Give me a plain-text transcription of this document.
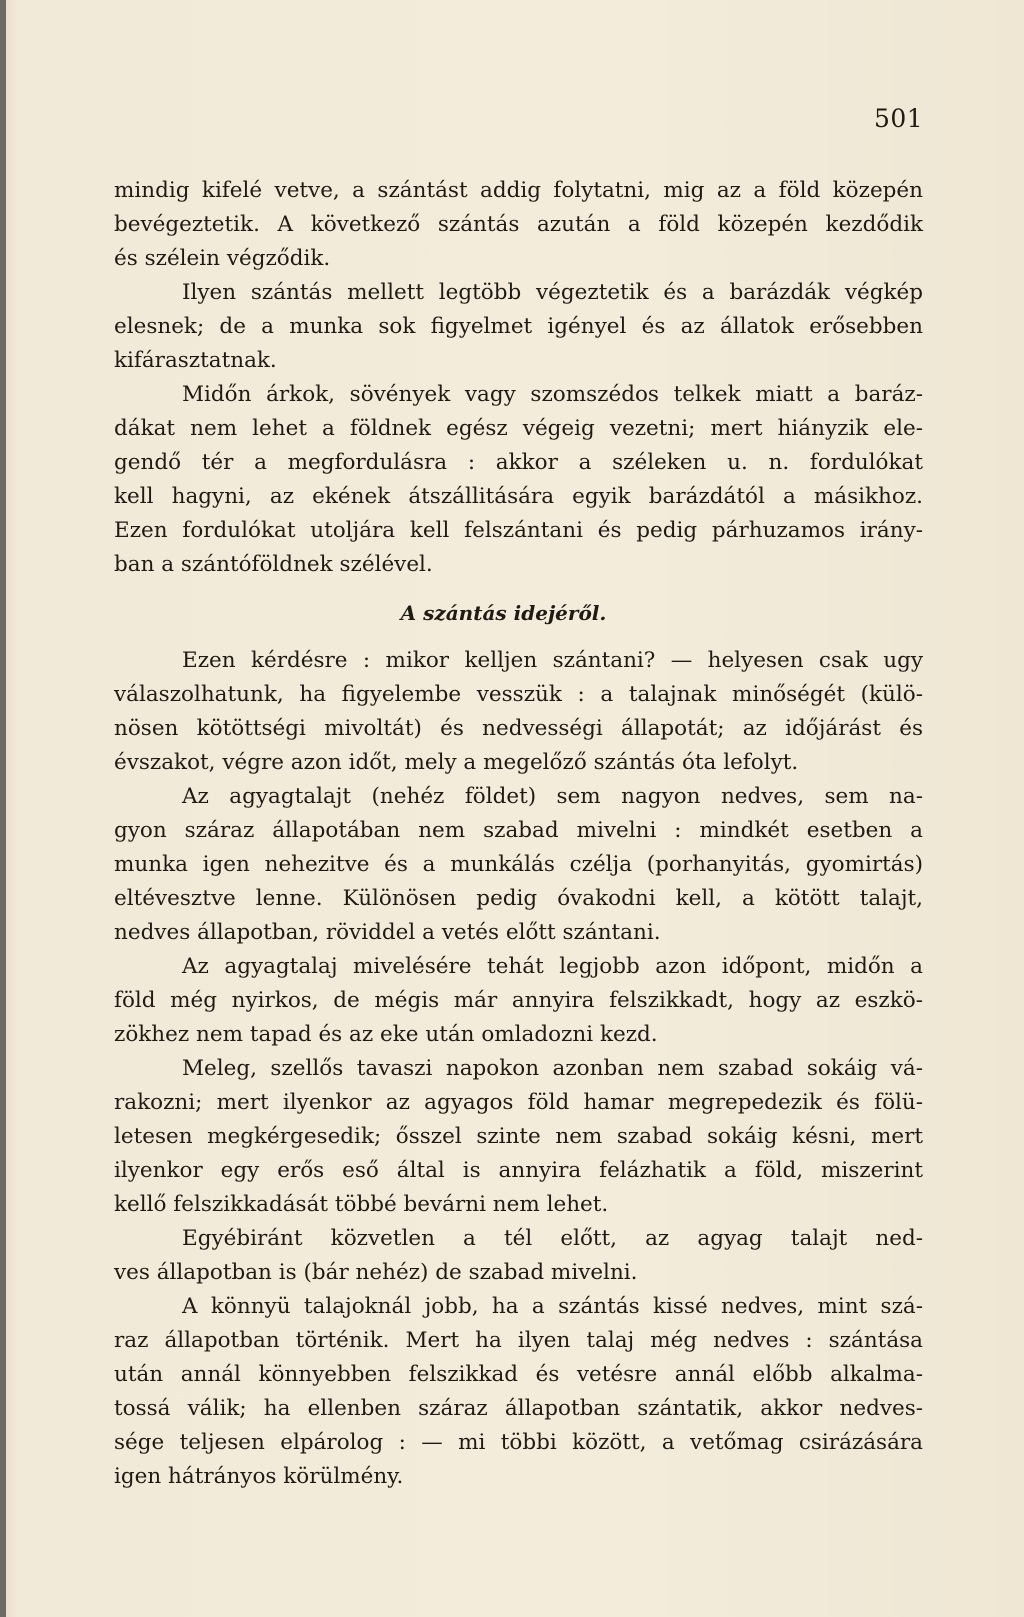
501
mindig kifelé vetve, a szántást addig folytatni, mig az a föld közepén
bevégeztetik. A következő szántás azután a föld közepén kezdődik
és szélein végződik.
Ilyen szántás mellett legtöbb végeztetik és a barázdák végkép
elesnek; de a munka sok figyelmet igényel és az állatok erősebben
kifárasztatnak.
Midőn árkok, sövények vagy szomszédos telkek miatt a baráz-
dákat nem lehet a földnek egész végeig vezetni; mert hiányzik ele-
gendő tér a megfordulásra : akkor a széleken u. n. fordulókat
kell hagyni, az ekének átszállitására egyik barázdától a másikhoz.
Ezen fordulókat utoljára kell felszántani és pedig párhuzamos irány-
ban a szántóföldnek szélével.
A szántás idejéről.
Ezen kérdésre : mikor kelljen szántani? — helyesen csak ugy
válaszolhatunk, ha figyelembe vesszük : a talajnak minőségét (külö-
nösen kötöttségi mivoltát) és nedvességi állapotát; az időjárást és
évszakot, végre azon időt, mely a megelőző szántás óta lefolyt.
Az agyagtalajt (nehéz földet) sem nagyon nedves, sem na-
gyon száraz állapotában nem szabad mivelni : mindkét esetben a
munka igen nehezitve és a munkálás czélja (porhanyitás, gyomirtás)
eltévesztve lenne. Különösen pedig óvakodni kell, a kötött talajt,
nedves állapotban, röviddel a vetés előtt szántani.
Az agyagtalaj mivelésére tehát legjobb azon időpont, midőn a
föld még nyirkos, de mégis már annyira felszikkadt, hogy az eszkö-
zökhez nem tapad és az eke után omladozni kezd.
Meleg, szellős tavaszi napokon azonban nem szabad sokáig vá-
rakozni; mert ilyenkor az agyagos föld hamar megrepedezik és fölü-
letesen megkérgesedik; ősszel szinte nem szabad sokáig késni, mert
ilyenkor egy erős eső által is annyira felázhatik a föld, miszerint
kellő felszikkadását többé bevárni nem lehet.
Egyébiránt közvetlen a tél előtt, az agyag talajt ned-
ves állapotban is (bár nehéz) de szabad mivelni.
A könnyü talajoknál jobb, ha a szántás kissé nedves, mint szá-
raz állapotban történik. Mert ha ilyen talaj még nedves : szántása
után annál könnyebben felszikkad és vetésre annál előbb alkalma-
tossá válik; ha ellenben száraz állapotban szántatik, akkor nedves-
sége teljesen elpárolog : — mi többi között, a vetőmag csirázására
igen hátrányos körülmény.
